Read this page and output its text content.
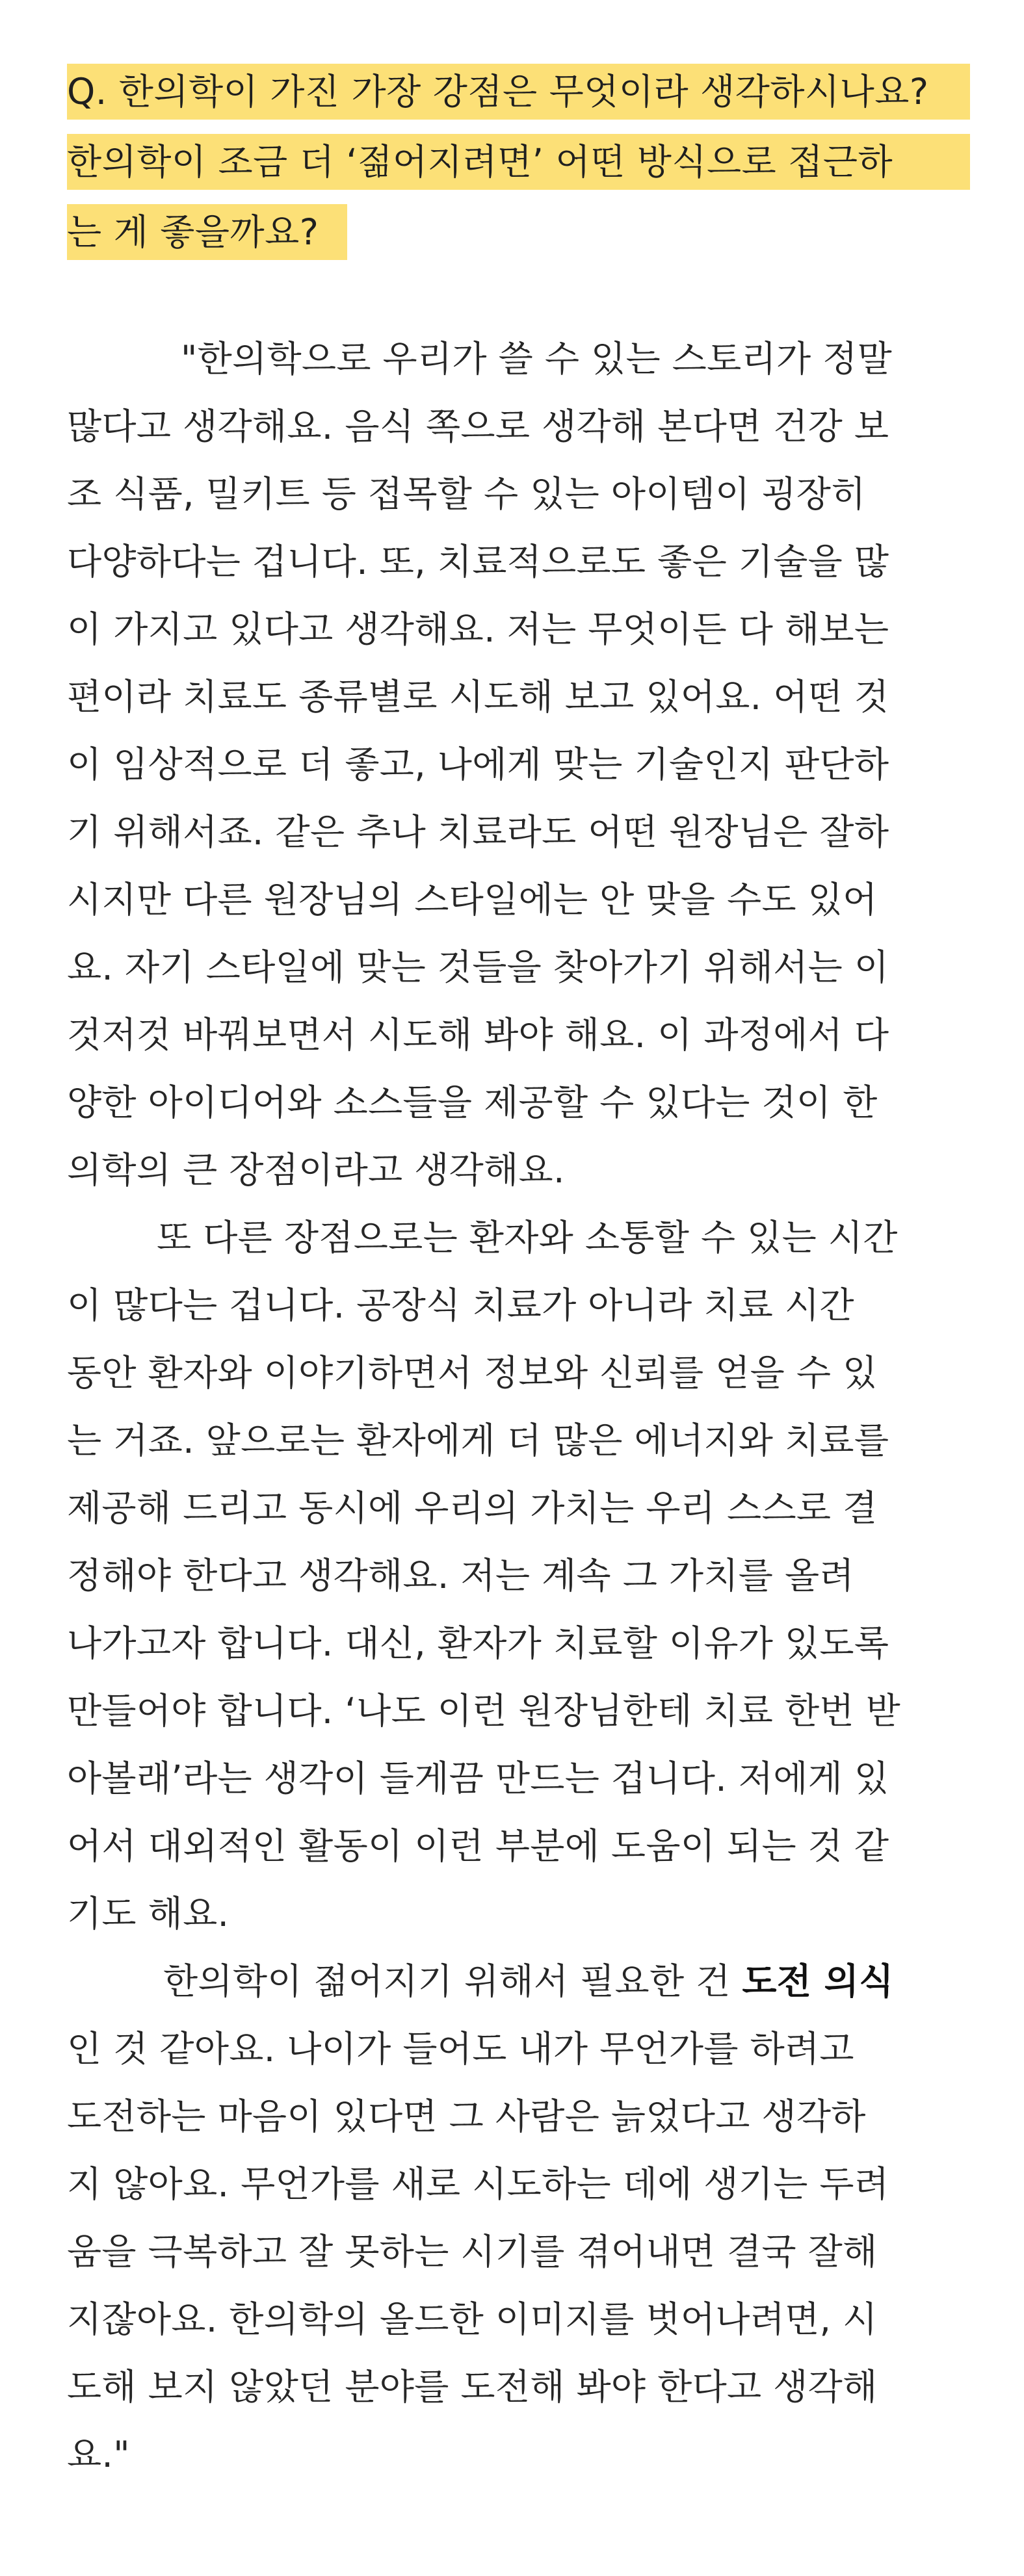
Q. 한의학이 가진 가장 강점은 무엇이라 생각하시나요?
한의학이 조금 더 ‘젊어지려면’ 어떤 방식으로 접근하
는 게 좋을까요?
"한의학으로 우리가 쓸 수 있는 스토리가 정말
많다고 생각해요. 음식 쪽으로 생각해 본다면 건강 보
조 식품, 밀키트 등 접목할 수 있는 아이템이 굉장히
다양하다는 겁니다. 또, 치료적으로도 좋은 기술을 많
이 가지고 있다고 생각해요. 저는 무엇이든 다 해보는
편이라 치료도 종류별로 시도해 보고 있어요. 어떤 것
이 임상적으로 더 좋고, 나에게 맞는 기술인지 판단하
기 위해서죠. 같은 추나 치료라도 어떤 원장님은 잘하
시지만 다른 원장님의 스타일에는 안 맞을 수도 있어
요. 자기 스타일에 맞는 것들을 찾아가기 위해서는 이
것저것 바꿔보면서 시도해 봐야 해요. 이 과정에서 다
양한 아이디어와 소스들을 제공할 수 있다는 것이 한
의학의 큰 장점이라고 생각해요.
또 다른 장점으로는 환자와 소통할 수 있는 시간
이 많다는 겁니다. 공장식 치료가 아니라 치료 시간
동안 환자와 이야기하면서 정보와 신뢰를 얻을 수 있
는 거죠. 앞으로는 환자에게 더 많은 에너지와 치료를
제공해 드리고 동시에 우리의 가치는 우리 스스로 결
정해야 한다고 생각해요. 저는 계속 그 가치를 올려
나가고자 합니다. 대신, 환자가 치료할 이유가 있도록
만들어야 합니다. ‘나도 이런 원장님한테 치료 한번 받
아볼래’라는 생각이 들게끔 만드는 겁니다. 저에게 있
어서 대외적인 활동이 이런 부분에 도움이 되는 것 같
기도 해요.
한의학이 젊어지기 위해서 필요한 건 도전 의식
인 것 같아요. 나이가 들어도 내가 무언가를 하려고
도전하는 마음이 있다면 그 사람은 늙었다고 생각하
지 않아요. 무언가를 새로 시도하는 데에 생기는 두려
움을 극복하고 잘 못하는 시기를 겪어내면 결국 잘해
지잖아요. 한의학의 올드한 이미지를 벗어나려면, 시
도해 보지 않았던 분야를 도전해 봐야 한다고 생각해
요."
